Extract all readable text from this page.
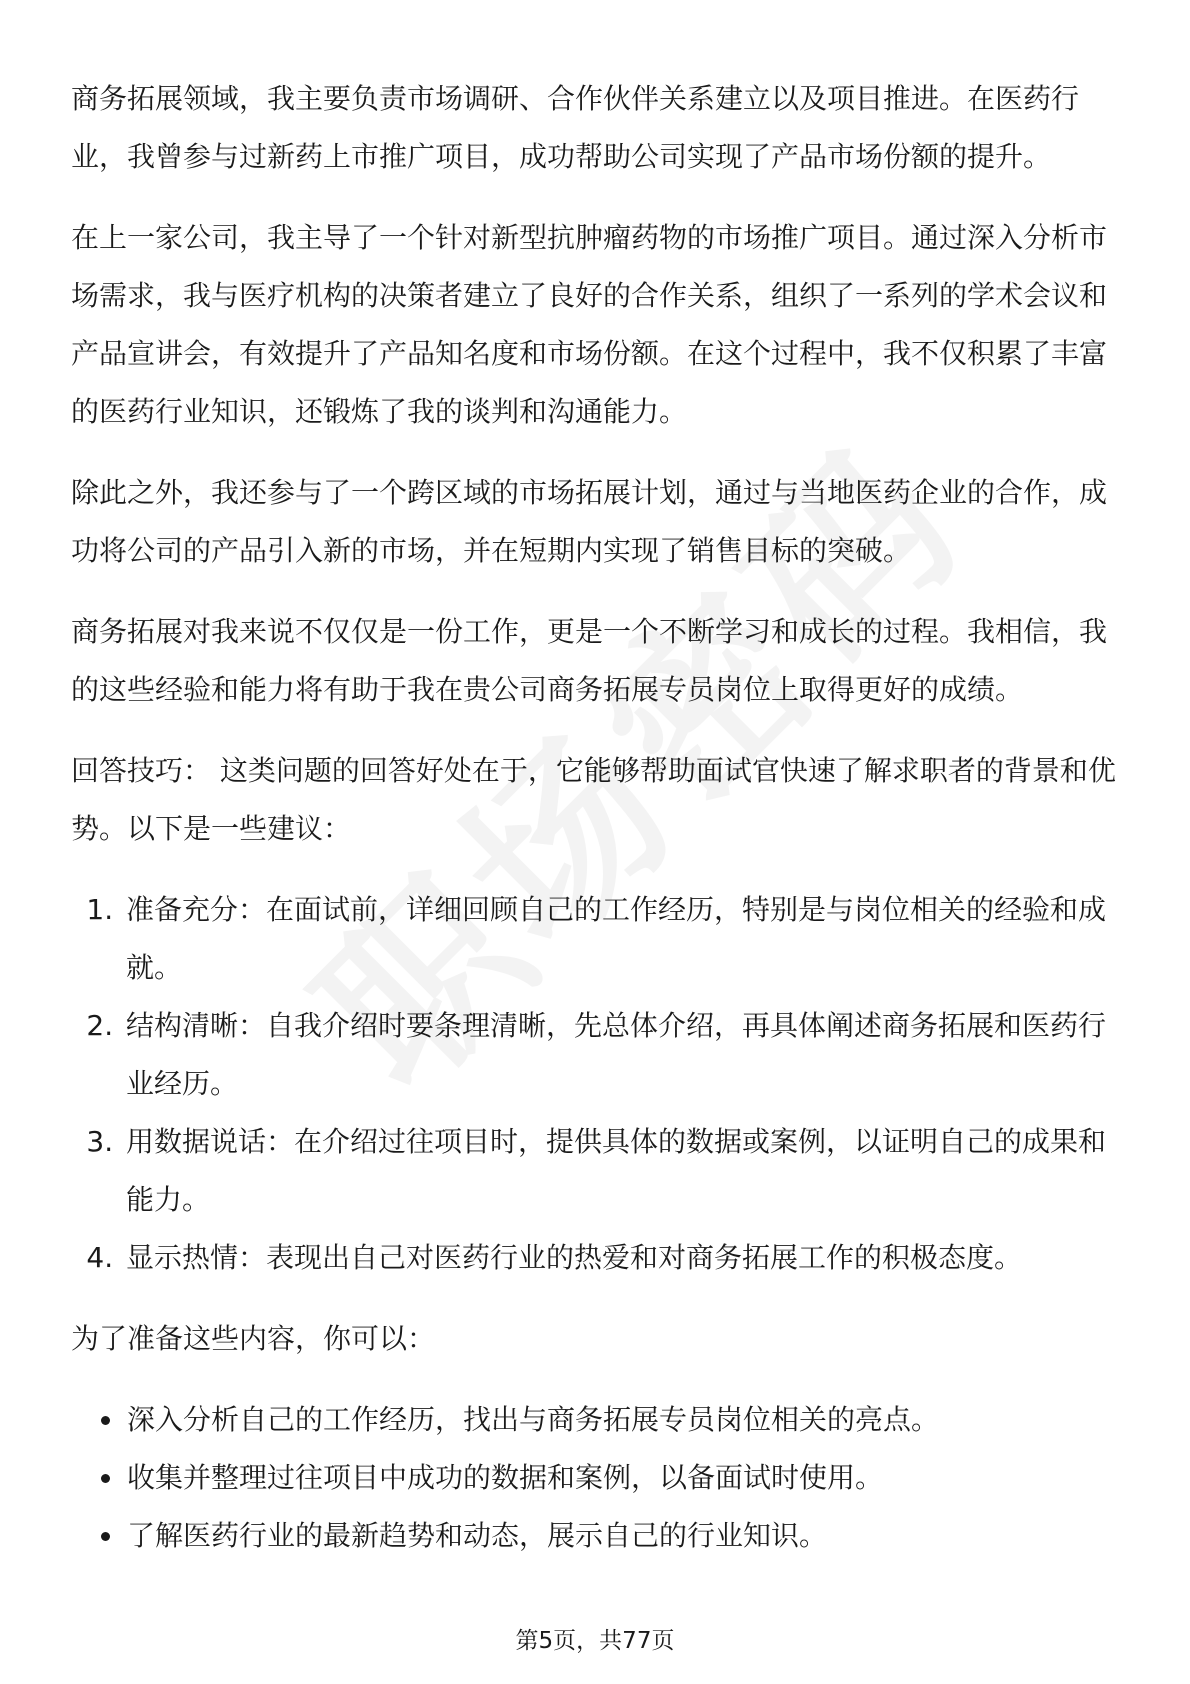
商务拓展领域，我主要负责市场调研、合作伙伴关系建立以及项目推进。在医药行业，我曾参与过新药上市推广项目，成功帮助公司实现了产品市场份额的提升。

在上一家公司，我主导了一个针对新型抗肿瘤药物的市场推广项目。通过深入分析市场需求，我与医疗机构的决策者建立了良好的合作关系，组织了一系列的学术会议和产品宣讲会，有效提升了产品知名度和市场份额。在这个过程中，我不仅积累了丰富的医药行业知识，还锻炼了我的谈判和沟通能力。

除此之外，我还参与了一个跨区域的市场拓展计划，通过与当地医药企业的合作，成功将公司的产品引入新的市场，并在短期内实现了销售目标的突破。

商务拓展对我来说不仅仅是一份工作，更是一个不断学习和成长的过程。我相信，我的这些经验和能力将有助于我在贵公司商务拓展专员岗位上取得更好的成绩。

回答技巧： 这类问题的回答好处在于，它能够帮助面试官快速了解求职者的背景和优势。以下是一些建议：

1. 准备充分：在面试前，详细回顾自己的工作经历，特别是与岗位相关的经验和成就。
2. 结构清晰：自我介绍时要条理清晰，先总体介绍，再具体阐述商务拓展和医药行业经历。
3. 用数据说话：在介绍过往项目时，提供具体的数据或案例，以证明自己的成果和能力。
4. 显示热情：表现出自己对医药行业的热爱和对商务拓展工作的积极态度。

为了准备这些内容，你可以：

• 深入分析自己的工作经历，找出与商务拓展专员岗位相关的亮点。
• 收集并整理过往项目中成功的数据和案例，以备面试时使用。
• 了解医药行业的最新趋势和动态，展示自己的行业知识。
第5页，共77页
